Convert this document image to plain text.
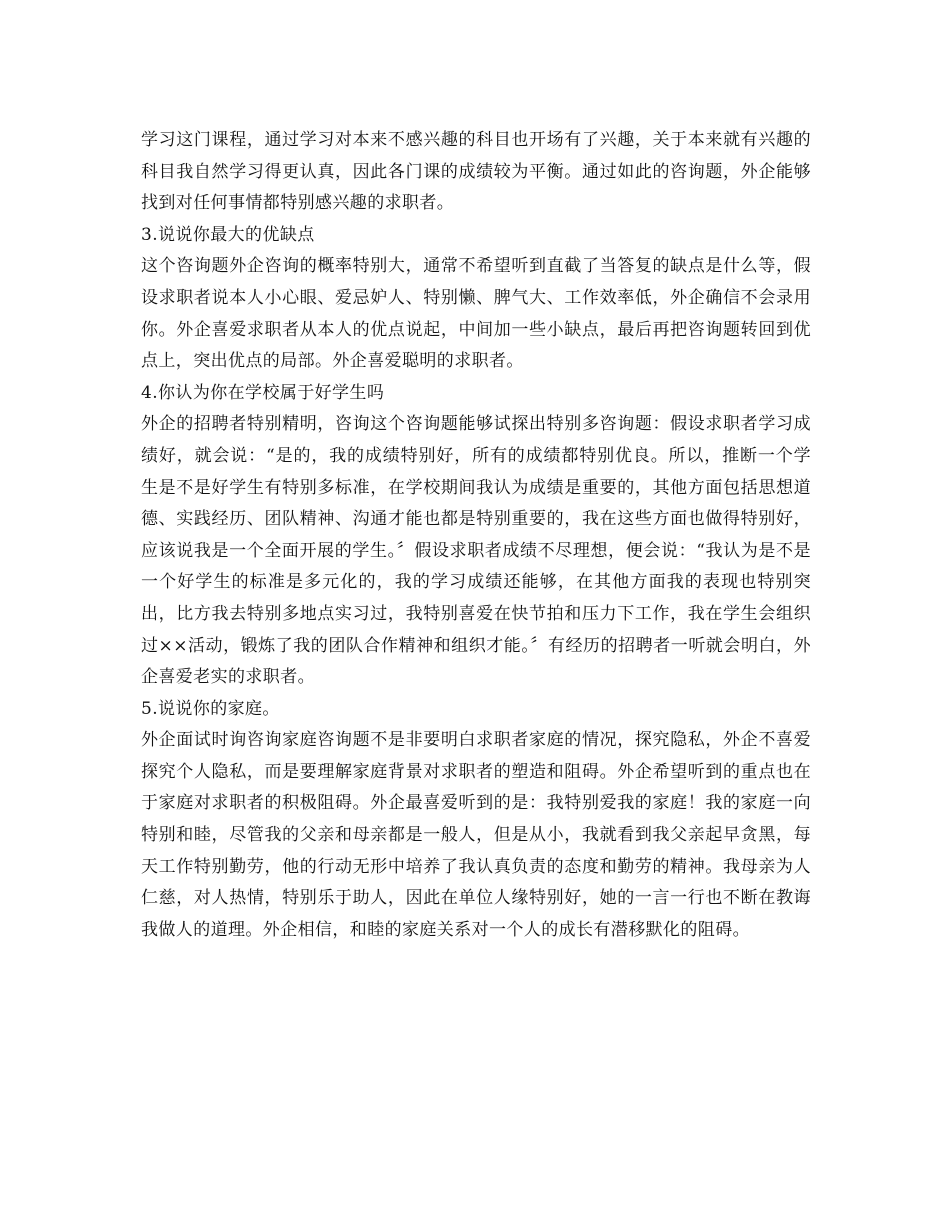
学习这门课程，通过学习对本来不感兴趣的科目也开场有了兴趣，关于本来就有兴趣的科目我自然学习得更认真，因此各门课的成绩较为平衡。通过如此的咨询题，外企能够找到对任何事情都特别感兴趣的求职者。

3.说说你最大的优缺点

这个咨询题外企咨询的概率特别大，通常不希望听到直截了当答复的缺点是什么等，假设求职者说本人小心眼、爱忌妒人、特别懒、脾气大、工作效率低，外企确信不会录用你。外企喜爱求职者从本人的优点说起，中间加一些小缺点，最后再把咨询题转回到优点上，突出优点的局部。外企喜爱聪明的求职者。

4.你认为你在学校属于好学生吗

外企的招聘者特别精明，咨询这个咨询题能够试探出特别多咨询题：假设求职者学习成绩好，就会说：“是的，我的成绩特别好，所有的成绩都特别优良。所以，推断一个学生是不是好学生有特别多标准，在学校期间我认为成绩是重要的，其他方面包括思想道德、实践经历、团队精神、沟通才能也都是特别重要的，我在这些方面也做得特别好，应该说我是一个全面开展的学生。〞假设求职者成绩不尽理想，便会说：“我认为是不是一个好学生的标准是多元化的，我的学习成绩还能够，在其他方面我的表现也特别突出，比方我去特别多地点实习过，我特别喜爱在快节拍和压力下工作，我在学生会组织过××活动，锻炼了我的团队合作精神和组织才能。〞有经历的招聘者一听就会明白，外企喜爱老实的求职者。

5.说说你的家庭。

外企面试时询咨询家庭咨询题不是非要明白求职者家庭的情况，探究隐私，外企不喜爱探究个人隐私，而是要理解家庭背景对求职者的塑造和阻碍。外企希望听到的重点也在于家庭对求职者的积极阻碍。外企最喜爱听到的是：我特别爱我的家庭！我的家庭一向特别和睦，尽管我的父亲和母亲都是一般人，但是从小，我就看到我父亲起早贪黑，每天工作特别勤劳，他的行动无形中培养了我认真负责的态度和勤劳的精神。我母亲为人仁慈，对人热情，特别乐于助人，因此在单位人缘特别好，她的一言一行也不断在教诲我做人的道理。外企相信，和睦的家庭关系对一个人的成长有潜移默化的阻碍。
